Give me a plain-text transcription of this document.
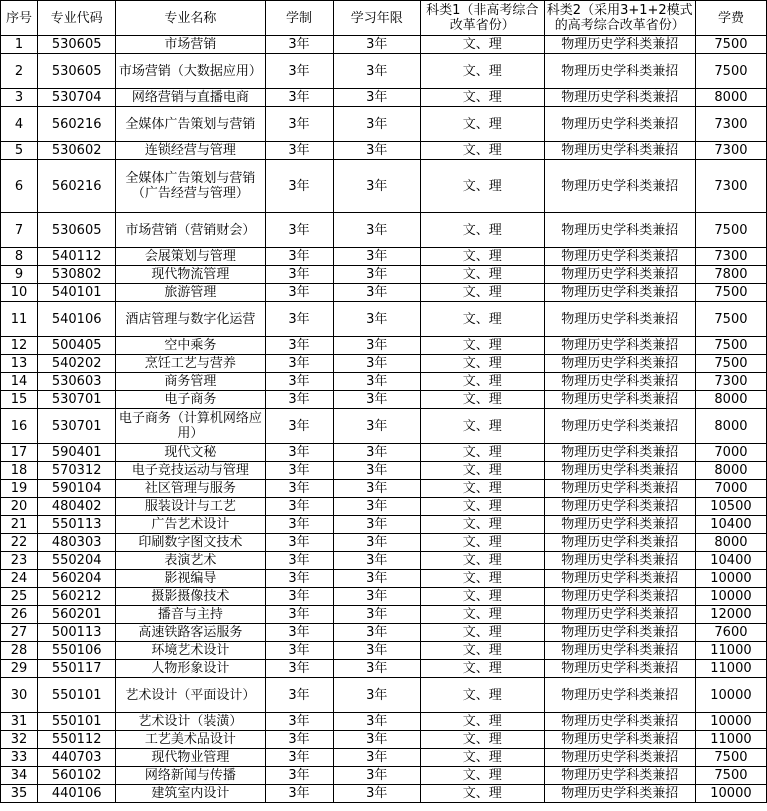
序号	专业代码	专业名称	学制	学习年限	科类1（非高考综合改革省份）	科类2（采用3+1+2模式的高考综合改革省份）	学费
1	530605	市场营销	3年	3年	文、理	物理历史学科类兼招	7500
2	530605	市场营销（大数据应用）	3年	3年	文、理	物理历史学科类兼招	7500
3	530704	网络营销与直播电商	3年	3年	文、理	物理历史学科类兼招	8000
4	560216	全媒体广告策划与营销	3年	3年	文、理	物理历史学科类兼招	7300
5	530602	连锁经营与管理	3年	3年	文、理	物理历史学科类兼招	7300
6	560216	全媒体广告策划与营销（广告经营与管理）	3年	3年	文、理	物理历史学科类兼招	7300
7	530605	市场营销（营销财会）	3年	3年	文、理	物理历史学科类兼招	7500
8	540112	会展策划与管理	3年	3年	文、理	物理历史学科类兼招	7300
9	530802	现代物流管理	3年	3年	文、理	物理历史学科类兼招	7800
10	540101	旅游管理	3年	3年	文、理	物理历史学科类兼招	7500
11	540106	酒店管理与数字化运营	3年	3年	文、理	物理历史学科类兼招	7500
12	500405	空中乘务	3年	3年	文、理	物理历史学科类兼招	7500
13	540202	烹饪工艺与营养	3年	3年	文、理	物理历史学科类兼招	7500
14	530603	商务管理	3年	3年	文、理	物理历史学科类兼招	7300
15	530701	电子商务	3年	3年	文、理	物理历史学科类兼招	8000
16	530701	电子商务（计算机网络应用）	3年	3年	文、理	物理历史学科类兼招	8000
17	590401	现代文秘	3年	3年	文、理	物理历史学科类兼招	7000
18	570312	电子竞技运动与管理	3年	3年	文、理	物理历史学科类兼招	8000
19	590104	社区管理与服务	3年	3年	文、理	物理历史学科类兼招	7000
20	480402	服装设计与工艺	3年	3年	文、理	物理历史学科类兼招	10500
21	550113	广告艺术设计	3年	3年	文、理	物理历史学科类兼招	10400
22	480303	印刷数字图文技术	3年	3年	文、理	物理历史学科类兼招	8000
23	550204	表演艺术	3年	3年	文、理	物理历史学科类兼招	10400
24	560204	影视编导	3年	3年	文、理	物理历史学科类兼招	10000
25	560212	摄影摄像技术	3年	3年	文、理	物理历史学科类兼招	10000
26	560201	播音与主持	3年	3年	文、理	物理历史学科类兼招	12000
27	500113	高速铁路客运服务	3年	3年	文、理	物理历史学科类兼招	7600
28	550106	环境艺术设计	3年	3年	文、理	物理历史学科类兼招	11000
29	550117	人物形象设计	3年	3年	文、理	物理历史学科类兼招	11000
30	550101	艺术设计（平面设计）	3年	3年	文、理	物理历史学科类兼招	10000
31	550101	艺术设计（装潢）	3年	3年	文、理	物理历史学科类兼招	10000
32	550112	工艺美术品设计	3年	3年	文、理	物理历史学科类兼招	11000
33	440703	现代物业管理	3年	3年	文、理	物理历史学科类兼招	7500
34	560102	网络新闻与传播	3年	3年	文、理	物理历史学科类兼招	7500
35	440106	建筑室内设计	3年	3年	文、理	物理历史学科类兼招	10000
